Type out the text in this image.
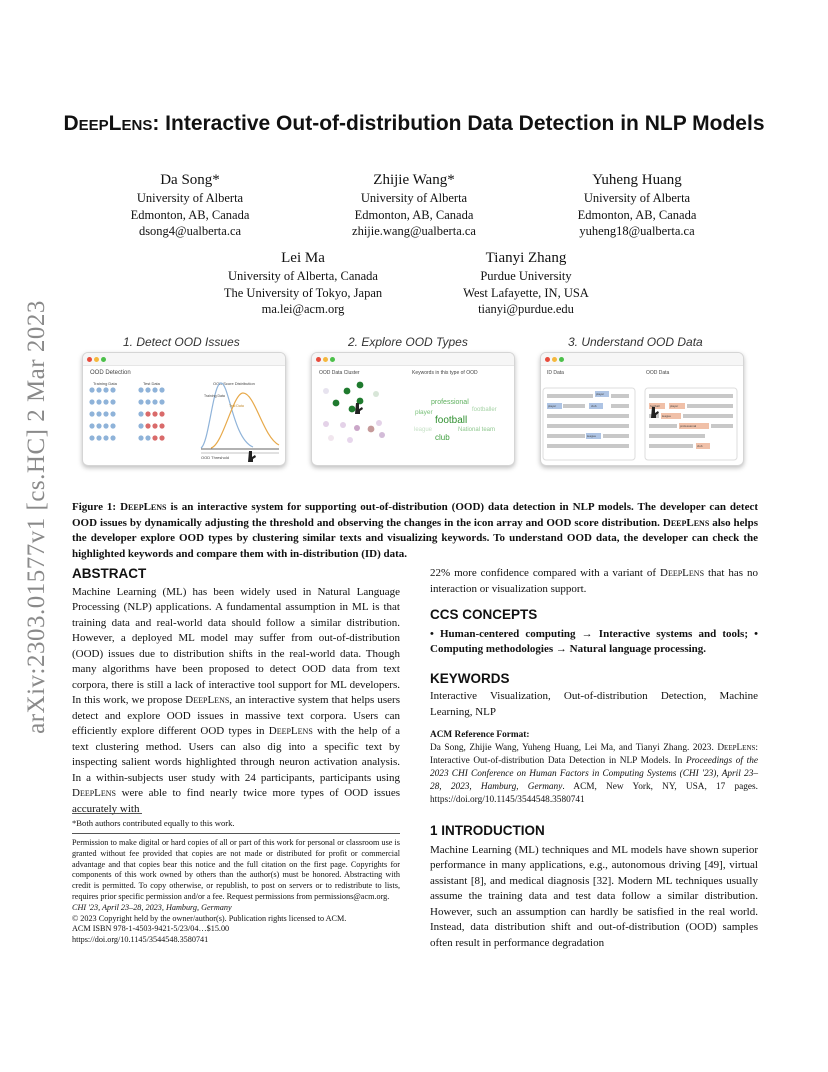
arXiv:2303.01577v1 [cs.HC] 2 Mar 2023
DeepLens: Interactive Out-of-distribution Data Detection in NLP Models
Da Song*
University of Alberta
Edmonton, AB, Canada
dsong4@ualberta.ca
Zhijie Wang*
University of Alberta
Edmonton, AB, Canada
zhijie.wang@ualberta.ca
Yuheng Huang
University of Alberta
Edmonton, AB, Canada
yuheng18@ualberta.ca
Lei Ma
University of Alberta, Canada
The University of Tokyo, Japan
ma.lei@acm.org
Tianyi Zhang
Purdue University
West Lafayette, IN, USA
tianyi@purdue.edu
1. Detect OOD Issues	2. Explore OOD Types	3. Understand OOD Data
OOD Detection
Training Data	Test Data	OOD Score Distribution
Training Data
Test Data
OOD Threshold
OOD Data Cluster	Keywords in this type of OOD
professional
player	footballer
football
league	National team
club
ID Data	OOD Data
player
player	club
league
football	player
league
professional
club
Figure 1: DeepLens is an interactive system for supporting out-of-distribution (OOD) data detection in NLP models. The developer can detect OOD issues by dynamically adjusting the threshold and observing the changes in the icon array and OOD score distribution. DeepLens also helps the developer explore OOD types by clustering similar texts and visualizing keywords. To understand OOD data, the developer can check the highlighted keywords and compare them with in-distribution (ID) data.
ABSTRACT
Machine Learning (ML) has been widely used in Natural Language Processing (NLP) applications. A fundamental assumption in ML is that training data and real-world data should follow a similar distribution. However, a deployed ML model may suffer from out-of-distribution (OOD) issues due to distribution shifts in the real-world data. Though many algorithms have been proposed to detect OOD data from text corpora, there is still a lack of interactive tool support for ML developers. In this work, we propose DeepLens, an interactive system that helps users detect and explore OOD issues in massive text corpora. Users can efficiently explore different OOD types in DeepLens with the help of a text clustering method. Users can also dig into a specific text by inspecting salient words highlighted through neuron activation analysis. In a within-subjects user study with 24 participants, participants using DeepLens were able to find nearly twice more types of OOD issues accurately with
*Both authors contributed equally to this work.
Permission to make digital or hard copies of all or part of this work for personal or classroom use is granted without fee provided that copies are not made or distributed for profit or commercial advantage and that copies bear this notice and the full citation on the first page. Copyrights for components of this work owned by others than the author(s) must be honored. Abstracting with credit is permitted. To copy otherwise, or republish, to post on servers or to redistribute to lists, requires prior specific permission and/or a fee. Request permissions from permissions@acm.org.
CHI '23, April 23–28, 2023, Hamburg, Germany
© 2023 Copyright held by the owner/author(s). Publication rights licensed to ACM.
ACM ISBN 978-1-4503-9421-5/23/04…$15.00
https://doi.org/10.1145/3544548.3580741
22% more confidence compared with a variant of DeepLens that has no interaction or visualization support.
CCS CONCEPTS
• Human-centered computing → Interactive systems and tools; • Computing methodologies → Natural language processing.
KEYWORDS
Interactive Visualization, Out-of-distribution Detection, Machine Learning, NLP
ACM Reference Format:
Da Song, Zhijie Wang, Yuheng Huang, Lei Ma, and Tianyi Zhang. 2023. DeepLens: Interactive Out-of-distribution Data Detection in NLP Models. In Proceedings of the 2023 CHI Conference on Human Factors in Computing Systems (CHI '23), April 23–28, 2023, Hamburg, Germany. ACM, New York, NY, USA, 17 pages. https://doi.org/10.1145/3544548.3580741
1 INTRODUCTION
Machine Learning (ML) techniques and ML models have shown superior performance in many applications, e.g., autonomous driving [49], virtual assistant [8], and medical diagnosis [32]. Modern ML techniques usually assume the training data and test data follow a similar distribution. However, such an assumption can hardly be satisfied in the real world. Instead, data distribution shift and out-of-distribution (OOD) samples often result in performance degradation
